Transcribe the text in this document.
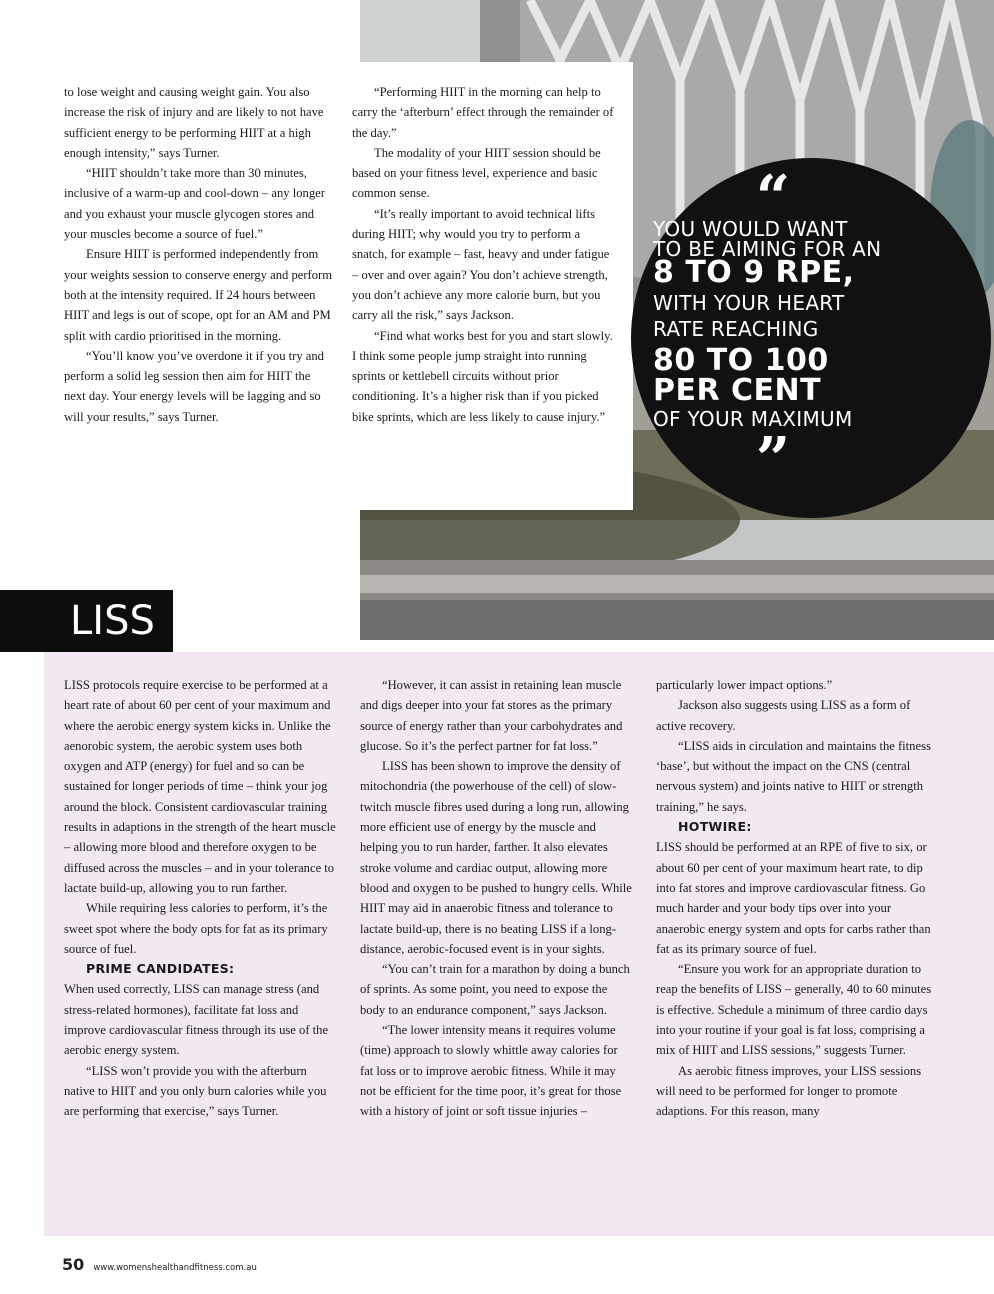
to lose weight and causing weight gain. You also increase the risk of injury and are likely to not have sufficient energy to be performing HIIT at a high enough intensity,” says Turner.

“HIIT shouldn’t take more than 30 minutes, inclusive of a warm-up and cool-down – any longer and you exhaust your muscle glycogen stores and your muscles become a source of fuel.”

Ensure HIIT is performed independently from your weights session to conserve energy and perform both at the intensity required. If 24 hours between HIIT and legs is out of scope, opt for an AM and PM split with cardio prioritised in the morning.

“You’ll know you’ve overdone it if you try and perform a solid leg session then aim for HIIT the next day. Your energy levels will be lagging and so will your results,” says Turner.

“Performing HIIT in the morning can help to carry the ‘afterburn’ effect through the remainder of the day.”

The modality of your HIIT session should be based on your fitness level, experience and basic common sense.

“It’s really important to avoid technical lifts during HIIT; why would you try to perform a snatch, for example – fast, heavy and under fatigue – over and over again? You don’t achieve strength, you don’t achieve any more calorie burn, but you carry all the risk,” says Jackson.

“Find what works best for you and start slowly. I think some people jump straight into running sprints or kettlebell circuits without prior conditioning. It’s a higher risk than if you picked bike sprints, which are less likely to cause injury.”

“
YOU WOULD WANT
TO BE AIMING FOR AN
8 TO 9 RPE,
WITH YOUR HEART
RATE REACHING
80 TO 100
PER CENT
OF YOUR MAXIMUM
”
LISS

LISS protocols require exercise to be performed at a heart rate of about 60 per cent of your maximum and where the aerobic energy system kicks in. Unlike the aenorobic system, the aerobic system uses both oxygen and ATP (energy) for fuel and so can be sustained for longer periods of time – think your jog around the block. Consistent cardiovascular training results in adaptions in the strength of the heart muscle – allowing more blood and therefore oxygen to be diffused across the muscles – and in your tolerance to lactate build-up, allowing you to run farther.

While requiring less calories to perform, it’s the sweet spot where the body opts for fat as its primary source of fuel.

PRIME CANDIDATES:

When used correctly, LISS can manage stress (and stress-related hormones), facilitate fat loss and improve cardiovascular fitness through its use of the aerobic energy system.

“LISS won’t provide you with the afterburn native to HIIT and you only burn calories while you are performing that exercise,” says Turner.

“However, it can assist in retaining lean muscle and digs deeper into your fat stores as the primary source of energy rather than your carbohydrates and glucose. So it’s the perfect partner for fat loss.”

LISS has been shown to improve the density of mitochondria (the powerhouse of the cell) of slow-twitch muscle fibres used during a long run, allowing more efficient use of energy by the muscle and helping you to run harder, farther. It also elevates stroke volume and cardiac output, allowing more blood and oxygen to be pushed to hungry cells. While HIIT may aid in anaerobic fitness and tolerance to lactate build-up, there is no beating LISS if a long-distance, aerobic-focused event is in your sights.

“You can’t train for a marathon by doing a bunch of sprints. As some point, you need to expose the body to an endurance component,” says Jackson.

“The lower intensity means it requires volume (time) approach to slowly whittle away calories for fat loss or to improve aerobic fitness. While it may not be efficient for the time poor, it’s great for those with a history of joint or soft tissue injuries –

particularly lower impact options.”

Jackson also suggests using LISS as a form of active recovery.

“LISS aids in circulation and maintains the fitness ‘base’, but without the impact on the CNS (central nervous system) and joints native to HIIT or strength training,” he says.

HOTWIRE:

LISS should be performed at an RPE of five to six, or about 60 per cent of your maximum heart rate, to dip into fat stores and improve cardiovascular fitness. Go much harder and your body tips over into your anaerobic energy system and opts for carbs rather than fat as its primary source of fuel.

“Ensure you work for an appropriate duration to reap the benefits of LISS – generally, 40 to 60 minutes is effective. Schedule a minimum of three cardio days into your routine if your goal is fat loss, comprising a mix of HIIT and LISS sessions,” suggests Turner.

As aerobic fitness improves, your LISS sessions will need to be performed for longer to promote adaptions. For this reason, many

50 www.womenshealthandfitness.com.au
